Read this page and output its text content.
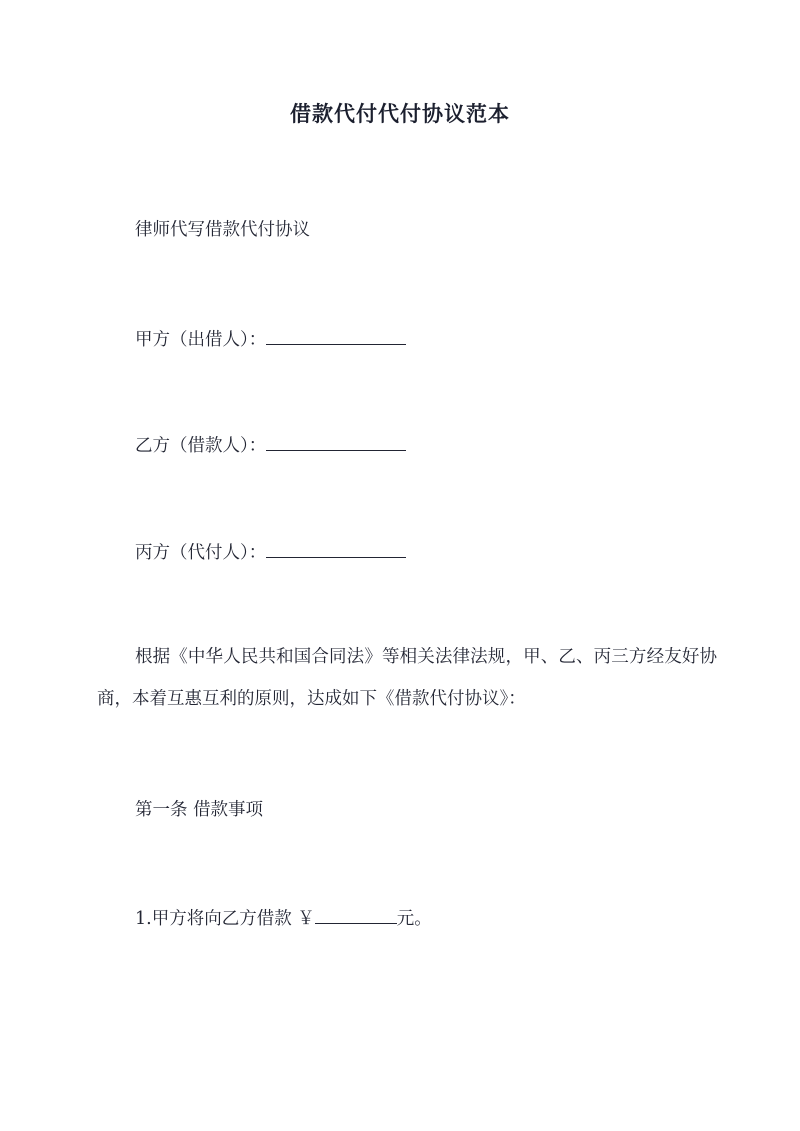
借款代付代付协议范本
律师代写借款代付协议
甲方（出借人）：
乙方（借款人）：
丙方（代付人）：
根据《中华人民共和国合同法》等相关法律法规，甲、乙、丙三方经友好协商，本着互惠互利的原则，达成如下《借款代付协议》：
第一条 借款事项
1.甲方将向乙方借款 ￥	元。
